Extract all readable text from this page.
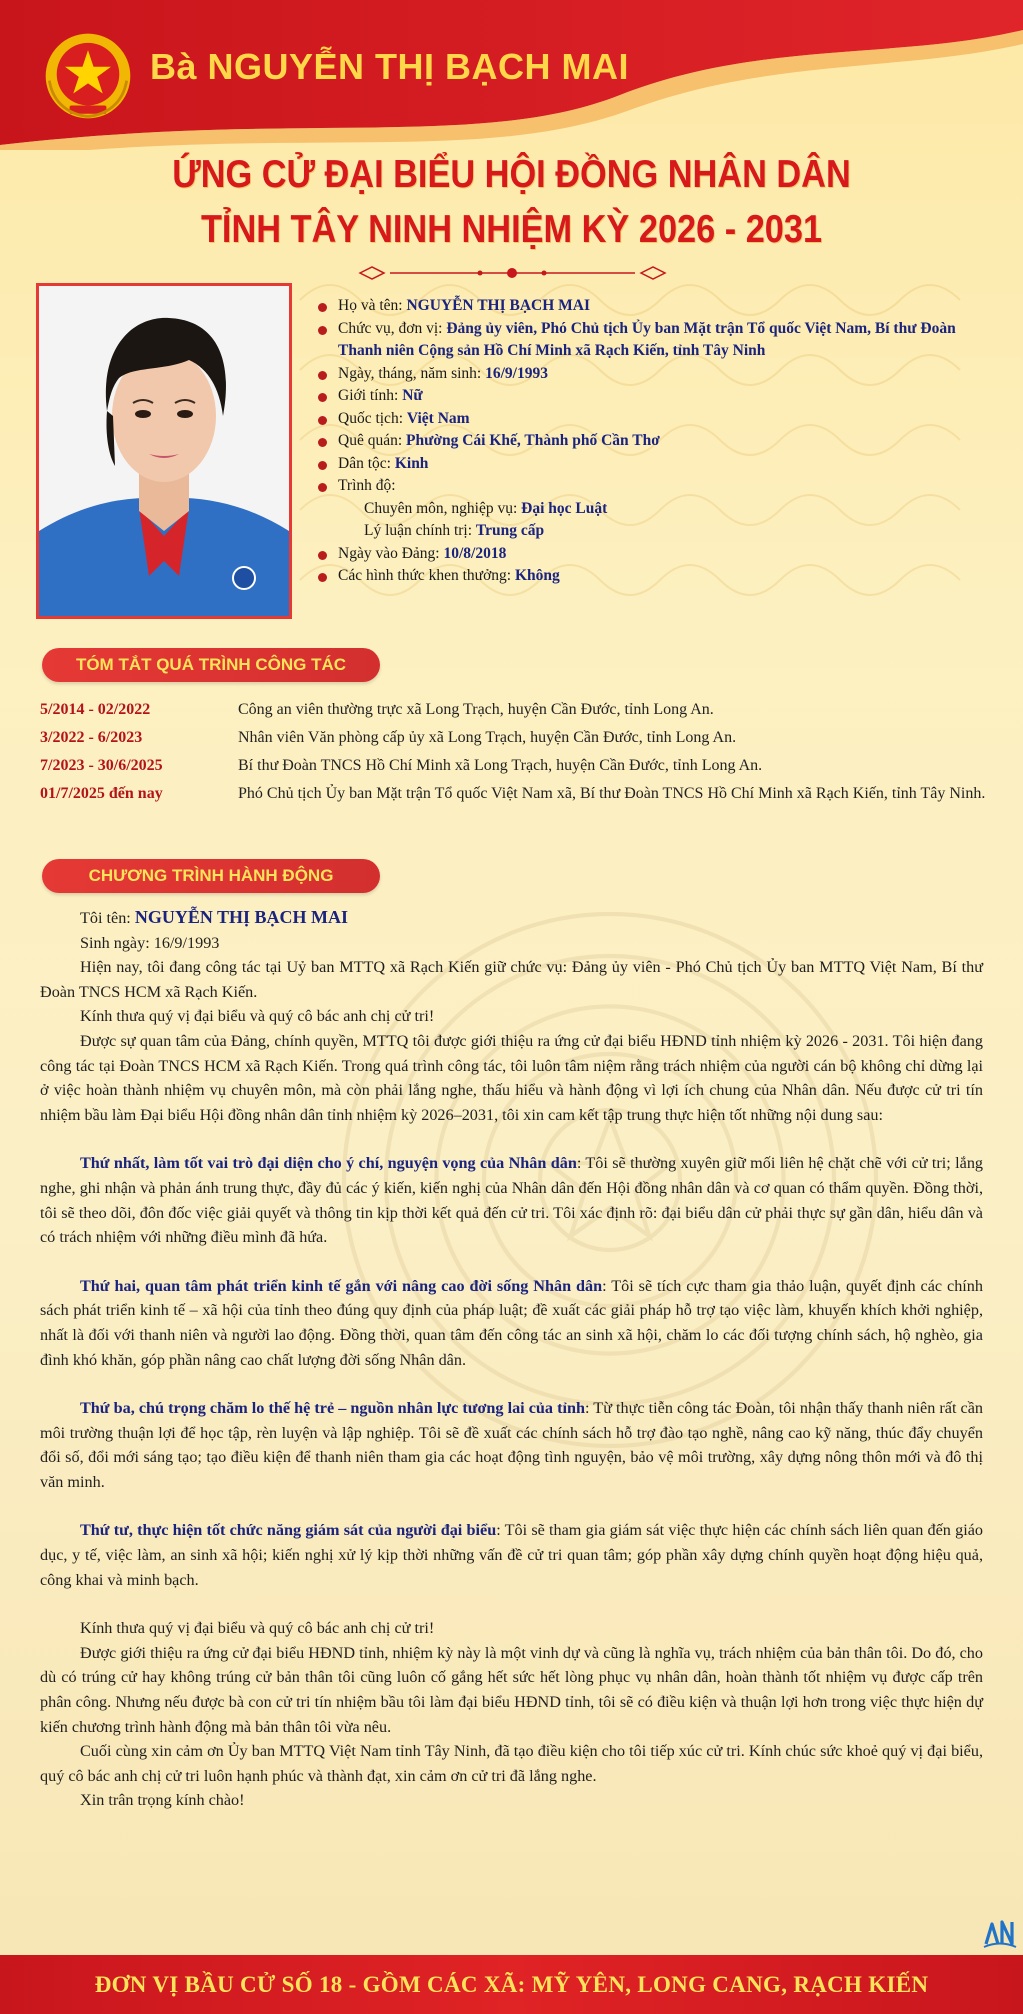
Bà NGUYỄN THỊ BẠCH MAI
ỨNG CỬ ĐẠI BIỂU HỘI ĐỒNG NHÂN DÂN
TỈNH TÂY NINH NHIỆM KỲ 2026 - 2031
Họ và tên: NGUYỄN THỊ BẠCH MAI
Chức vụ, đơn vị: Đảng ủy viên, Phó Chủ tịch Ủy ban Mặt trận Tổ quốc Việt Nam, Bí thư Đoàn Thanh niên Cộng sản Hồ Chí Minh xã Rạch Kiến, tỉnh Tây Ninh
Ngày, tháng, năm sinh: 16/9/1993
Giới tính: Nữ
Quốc tịch: Việt Nam
Quê quán: Phường Cái Khế, Thành phố Cần Thơ
Dân tộc: Kinh
Trình độ:
Chuyên môn, nghiệp vụ: Đại học Luật
Lý luận chính trị: Trung cấp
Ngày vào Đảng: 10/8/2018
Các hình thức khen thưởng: Không
TÓM TẮT QUÁ TRÌNH CÔNG TÁC
5/2014 - 02/2022	Công an viên thường trực xã Long Trạch, huyện Cần Đước, tỉnh Long An.
3/2022 - 6/2023	Nhân viên Văn phòng cấp ủy xã Long Trạch, huyện Cần Đước, tỉnh Long An.
7/2023 - 30/6/2025	Bí thư Đoàn TNCS Hồ Chí Minh xã Long Trạch, huyện Cần Đước, tỉnh Long An.
01/7/2025 đến nay	Phó Chủ tịch Ủy ban Mặt trận Tổ quốc Việt Nam xã, Bí thư Đoàn TNCS Hồ Chí Minh xã Rạch Kiến, tỉnh Tây Ninh.
CHƯƠNG TRÌNH HÀNH ĐỘNG

Tôi tên: NGUYỄN THỊ BẠCH MAI

Sinh ngày: 16/9/1993

Hiện nay, tôi đang công tác tại Uỷ ban MTTQ xã Rạch Kiến giữ chức vụ: Đảng ủy viên - Phó Chủ tịch Ủy ban MTTQ Việt Nam, Bí thư Đoàn TNCS HCM xã Rạch Kiến.

Kính thưa quý vị đại biểu và quý cô bác anh chị cử tri!

Được sự quan tâm của Đảng, chính quyền, MTTQ tôi được giới thiệu ra ứng cử đại biểu HĐND tỉnh nhiệm kỳ 2026 - 2031. Tôi hiện đang công tác tại Đoàn TNCS HCM xã Rạch Kiến. Trong quá trình công tác, tôi luôn tâm niệm rằng trách nhiệm của người cán bộ không chỉ dừng lại ở việc hoàn thành nhiệm vụ chuyên môn, mà còn phải lắng nghe, thấu hiểu và hành động vì lợi ích chung của Nhân dân. Nếu được cử tri tín nhiệm bầu làm Đại biểu Hội đồng nhân dân tỉnh nhiệm kỳ 2026–2031, tôi xin cam kết tập trung thực hiện tốt những nội dung sau:

Thứ nhất, làm tốt vai trò đại diện cho ý chí, nguyện vọng của Nhân dân: Tôi sẽ thường xuyên giữ mối liên hệ chặt chẽ với cử tri; lắng nghe, ghi nhận và phản ánh trung thực, đầy đủ các ý kiến, kiến nghị của Nhân dân đến Hội đồng nhân dân và cơ quan có thẩm quyền. Đồng thời, tôi sẽ theo dõi, đôn đốc việc giải quyết và thông tin kịp thời kết quả đến cử tri. Tôi xác định rõ: đại biểu dân cử phải thực sự gần dân, hiểu dân và có trách nhiệm với những điều mình đã hứa.

Thứ hai, quan tâm phát triển kinh tế gắn với nâng cao đời sống Nhân dân: Tôi sẽ tích cực tham gia thảo luận, quyết định các chính sách phát triển kinh tế – xã hội của tỉnh theo đúng quy định của pháp luật; đề xuất các giải pháp hỗ trợ tạo việc làm, khuyến khích khởi nghiệp, nhất là đối với thanh niên và người lao động. Đồng thời, quan tâm đến công tác an sinh xã hội, chăm lo các đối tượng chính sách, hộ nghèo, gia đình khó khăn, góp phần nâng cao chất lượng đời sống Nhân dân.

Thứ ba, chú trọng chăm lo thế hệ trẻ – nguồn nhân lực tương lai của tỉnh: Từ thực tiễn công tác Đoàn, tôi nhận thấy thanh niên rất cần môi trường thuận lợi để học tập, rèn luyện và lập nghiệp. Tôi sẽ đề xuất các chính sách hỗ trợ đào tạo nghề, nâng cao kỹ năng, thúc đẩy chuyển đổi số, đổi mới sáng tạo; tạo điều kiện để thanh niên tham gia các hoạt động tình nguyện, bảo vệ môi trường, xây dựng nông thôn mới và đô thị văn minh.

Thứ tư, thực hiện tốt chức năng giám sát của người đại biểu: Tôi sẽ tham gia giám sát việc thực hiện các chính sách liên quan đến giáo dục, y tế, việc làm, an sinh xã hội; kiến nghị xử lý kịp thời những vấn đề cử tri quan tâm; góp phần xây dựng chính quyền hoạt động hiệu quả, công khai và minh bạch.

Kính thưa quý vị đại biểu và quý cô bác anh chị cử tri!

Được giới thiệu ra ứng cử đại biểu HĐND tỉnh, nhiệm kỳ này là một vinh dự và cũng là nghĩa vụ, trách nhiệm của bản thân tôi. Do đó, cho dù có trúng cử hay không trúng cử bản thân tôi cũng luôn cố gắng hết sức hết lòng phục vụ nhân dân, hoàn thành tốt nhiệm vụ được cấp trên phân công. Nhưng nếu được bà con cử tri tín nhiệm bầu tôi làm đại biểu HĐND tỉnh, tôi sẽ có điều kiện và thuận lợi hơn trong việc thực hiện dự kiến chương trình hành động mà bản thân tôi vừa nêu.

Cuối cùng xin cảm ơn Ủy ban MTTQ Việt Nam tỉnh Tây Ninh, đã tạo điều kiện cho tôi tiếp xúc cử tri. Kính chúc sức khoẻ quý vị đại biểu, quý cô bác anh chị cử tri luôn hạnh phúc và thành đạt, xin cảm ơn cử tri đã lắng nghe.

Xin trân trọng kính chào!

ĐƠN VỊ BẦU CỬ SỐ 18 - GỒM CÁC XÃ: MỸ YÊN, LONG CANG, RẠCH KIẾN
